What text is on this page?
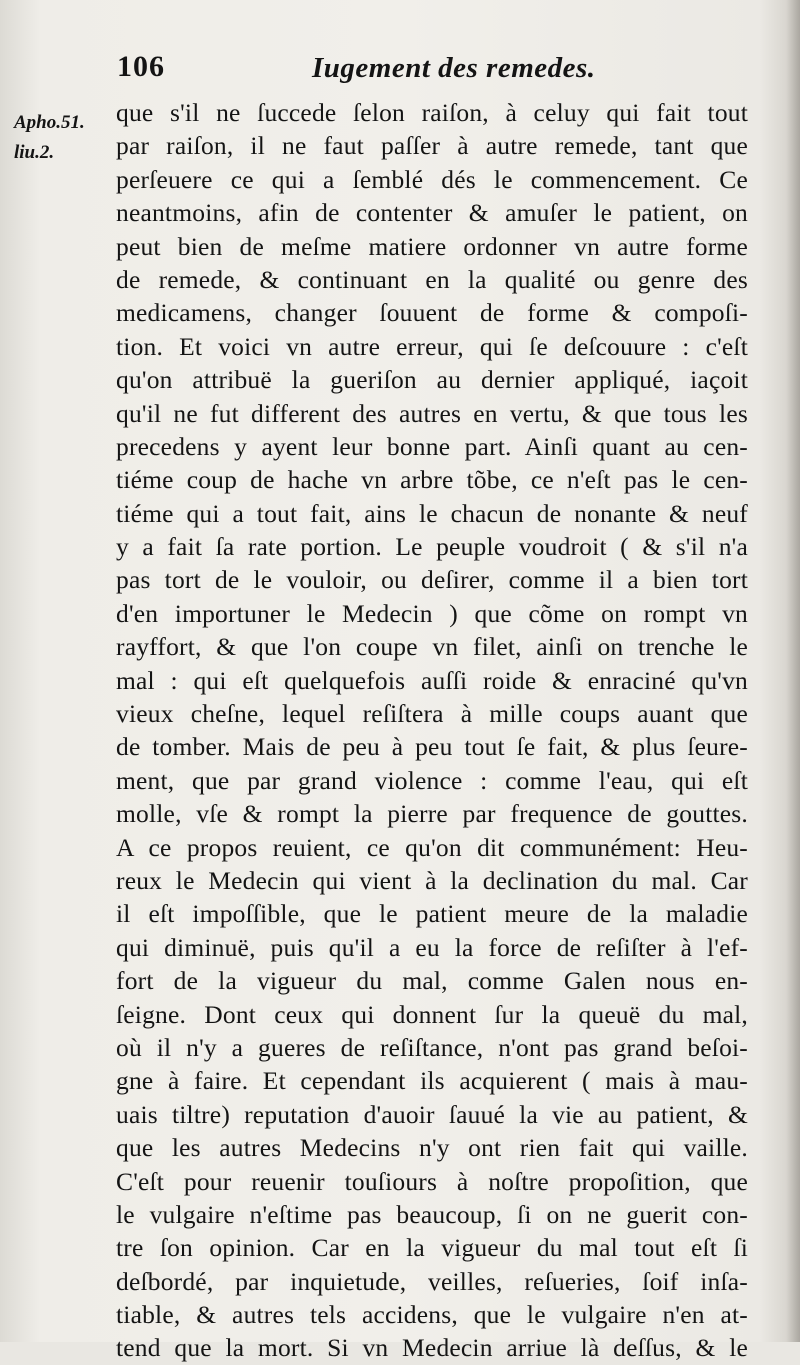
106	Iugement des remedes.
Apho.51.
liu.2.
que s'il ne ſuccede ſelon raiſon, à celuy qui fait tout
par raiſon, il ne faut paſſer à autre remede, tant que
perſeuere ce qui a ſemblé dés le commencement. Ce
neantmoins, afin de contenter & amuſer le patient, on
peut bien de meſme matiere ordonner vn autre forme
de remede, & continuant en la qualité ou genre des
medicamens, changer ſouuent de forme & compoſi-
tion. Et voici vn autre erreur, qui ſe deſcouure : c'eſt
qu'on attribuë la gueriſon au dernier appliqué, iaçoit
qu'il ne fut different des autres en vertu, & que tous les
precedens y ayent leur bonne part. Ainſi quant au cen-
tiéme coup de hache vn arbre tõbe, ce n'eſt pas le cen-
tiéme qui a tout fait, ains le chacun de nonante & neuf
y a fait ſa rate portion. Le peuple voudroit ( & s'il n'a
pas tort de le vouloir, ou deſirer, comme il a bien tort
d'en importuner le Medecin ) que cõme on rompt vn
rayffort, & que l'on coupe vn filet, ainſi on trenche le
mal : qui eſt quelquefois auſſi roide & enraciné qu'vn
vieux cheſne, lequel reſiſtera à mille coups auant que
de tomber. Mais de peu à peu tout ſe fait, & plus ſeure-
ment, que par grand violence : comme l'eau, qui eſt
molle, vſe & rompt la pierre par frequence de gouttes.
A ce propos reuient, ce qu'on dit communément: Heu-
reux le Medecin qui vient à la declination du mal. Car
il eſt impoſſible, que le patient meure de la maladie
qui diminuë, puis qu'il a eu la force de reſiſter à l'ef-
fort de la vigueur du mal, comme Galen nous en-
ſeigne. Dont ceux qui donnent ſur la queuë du mal,
où il n'y a gueres de reſiſtance, n'ont pas grand beſoi-
gne à faire. Et cependant ils acquierent ( mais à mau-
uais tiltre) reputation d'auoir ſauué la vie au patient, &
que les autres Medecins n'y ont rien fait qui vaille.
C'eſt pour reuenir touſiours à noſtre propoſition, que
le vulgaire n'eſtime pas beaucoup, ſi on ne guerit con-
tre ſon opinion. Car en la vigueur du mal tout eſt ſi
deſbordé, par inquietude, veilles, reſueries, ſoif inſa-
tiable, & autres tels accidens, que le vulgaire n'en at-
tend que la mort. Si vn Medecin arriue là deſſus, & le
